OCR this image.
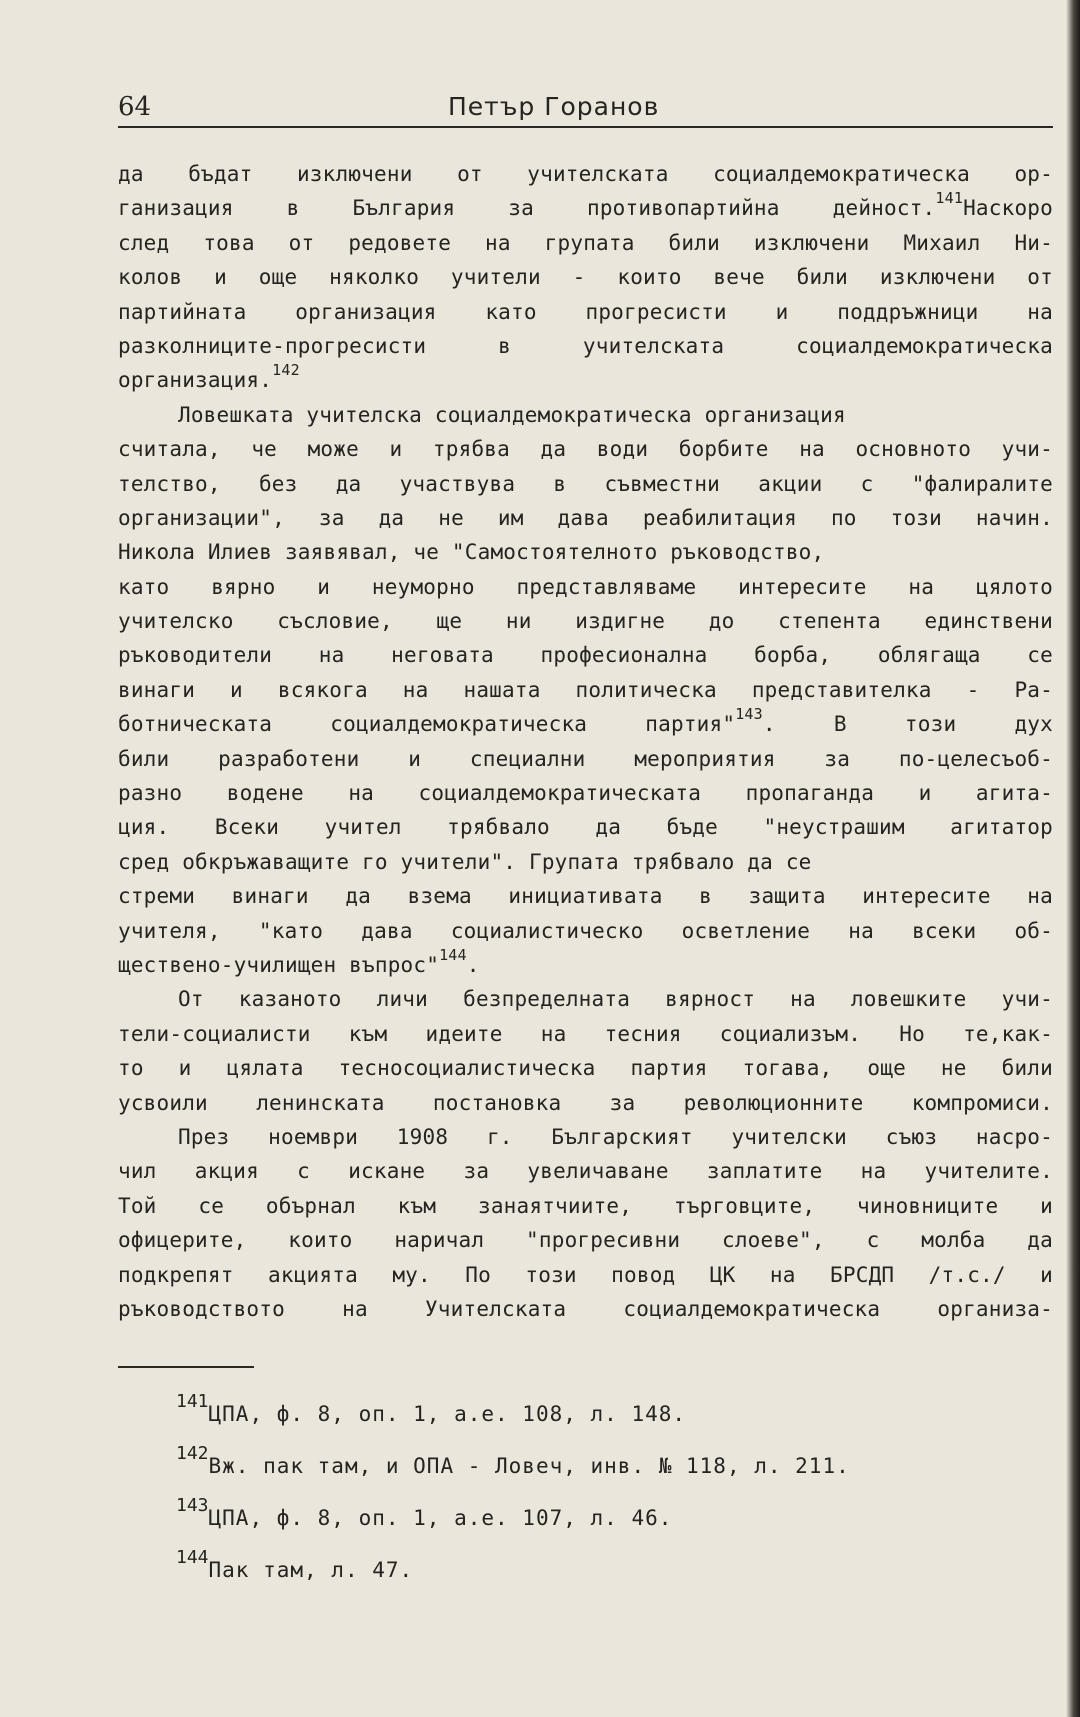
64	Петър Горанов
да бъдат изключени от учителската социалдемократическа ор-
ганизация в България за противопартийна дейност.$^{141}$Наскоро
след това от редовете на групата били изключени Михаил Ни-
колов и още няколко учители - които вече били изключени от
партийната организация като прогресисти и поддръжници на
разколниците-прогресисти в учителската социалдемократическа
организация.$^{142}$
Ловешката учителска социалдемократическа организация
считала, че може и трябва да води борбите на основното учи-
телство, без да участвува в съвместни акции с "фалиралите
организации", за да не им дава реабилитация по този начин.
Никола Илиев заявявал, че "Самостоятелното ръководство,
като вярно и неуморно представляваме интересите на цялото
учителско съсловие, ще ни издигне до степента единствени
ръководители на неговата професионална борба, облягаща се
винаги и всякога на нашата политическа представителка - Ра-
ботническата социалдемократическа партия"$^{143}$. В този дух
били разработени и специални мероприятия за по-целесъоб-
разно водене на социалдемократическата пропаганда и агита-
ция. Всеки учител трябвало да бъде "неустрашим агитатор
сред обкръжаващите го учители". Групата трябвало да се
стреми винаги да взема инициативата в защита интересите на
учителя, "като дава социалистическо осветление на всеки об-
ществено-училищен въпрос"$^{144}$.
От казаното личи безпределната вярност на ловешките учи-
тели-социалисти към идеите на тесния социализъм. Но те,как-
то и цялата тесносоциалистическа партия тогава, още не били
усвоили ленинската постановка за революционните компромиси.
През ноември 1908 г. Българският учителски съюз насро-
чил акция с искане за увеличаване заплатите на учителите.
Той се обърнал към занаятчиите, търговците, чиновниците и
офицерите, които наричал "прогресивни слоеве", с молба да
подкрепят акцията му. По този повод ЦК на БРСДП /т.с./ и
ръководството на Учителската социалдемократическа организа-
$^{141}$ЦПА, ф. 8, оп. 1, а.е. 108, л. 148.
$^{142}$Вж. пак там, и ОПА - Ловеч, инв. № 118, л. 211.
$^{143}$ЦПА, ф. 8, оп. 1, а.е. 107, л. 46.
$^{144}$Пак там, л. 47.
